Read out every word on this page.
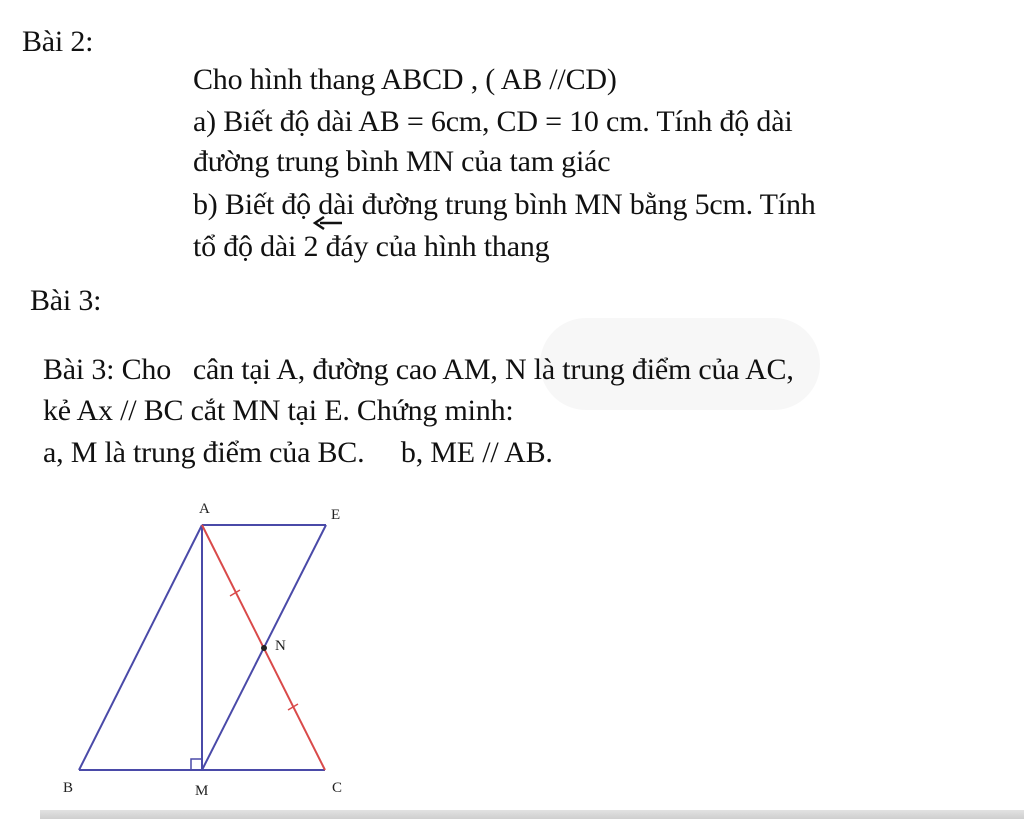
Bài 2:
Cho hình thang ABCD , ( AB //CD)
a) Biết độ dài AB = 6cm, CD = 10 cm. Tính độ dài
đường trung bình MN của tam giác
b) Biết độ dài đường trung bình MN bằng 5cm. Tính
tổ độ dài 2 đáy của hình thang
Bài 3:
Bài 3: Cho   cân tại A, đường cao AM, N là trung điểm của AC,
kẻ Ax // BC cắt MN tại E. Chứng minh:
a, M là trung điểm của BC.     b, ME // AB.
A	E
N
B	M	C
